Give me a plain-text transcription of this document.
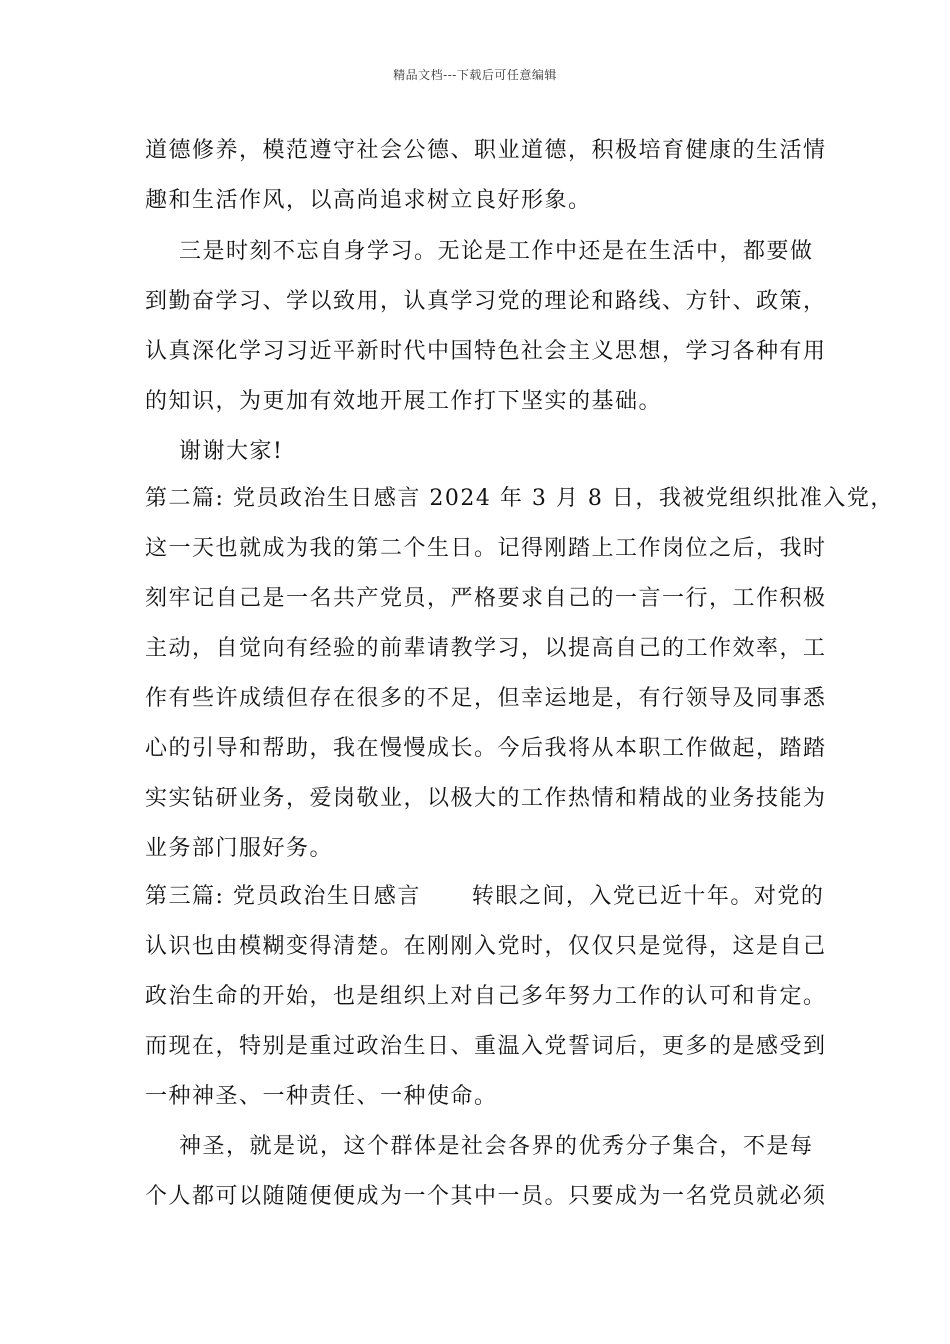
精品文档---下载后可任意编辑
道德修养，模范遵守社会公德、职业道德，积极培育健康的生活情
趣和生活作风，以高尚追求树立良好形象。
三是时刻不忘自身学习。无论是工作中还是在生活中，都要做
到勤奋学习、学以致用，认真学习党的理论和路线、方针、政策，
认真深化学习习近平新时代中国特色社会主义思想，学习各种有用
的知识，为更加有效地开展工作打下坚实的基础。
谢谢大家!
第二篇: 党员政治生日感言 2024 年 3 月 8 日，我被党组织批准入党，
这一天也就成为我的第二个生日。记得刚踏上工作岗位之后，我时
刻牢记自己是一名共产党员，严格要求自己的一言一行，工作积极
主动，自觉向有经验的前辈请教学习，以提高自己的工作效率，工
作有些许成绩但存在很多的不足，但幸运地是，有行领导及同事悉
心的引导和帮助，我在慢慢成长。今后我将从本职工作做起，踏踏
实实钻研业务，爱岗敬业，以极大的工作热情和精战的业务技能为
业务部门服好务。
第三篇: 党员政治生日感言      转眼之间，入党已近十年。对党的
认识也由模糊变得清楚。在刚刚入党时，仅仅只是觉得，这是自己
政治生命的开始，也是组织上对自己多年努力工作的认可和肯定。
而现在，特别是重过政治生日、重温入党誓词后，更多的是感受到
一种神圣、一种责任、一种使命。
神圣，就是说，这个群体是社会各界的优秀分子集合，不是每
个人都可以随随便便成为一个其中一员。只要成为一名党员就必须
